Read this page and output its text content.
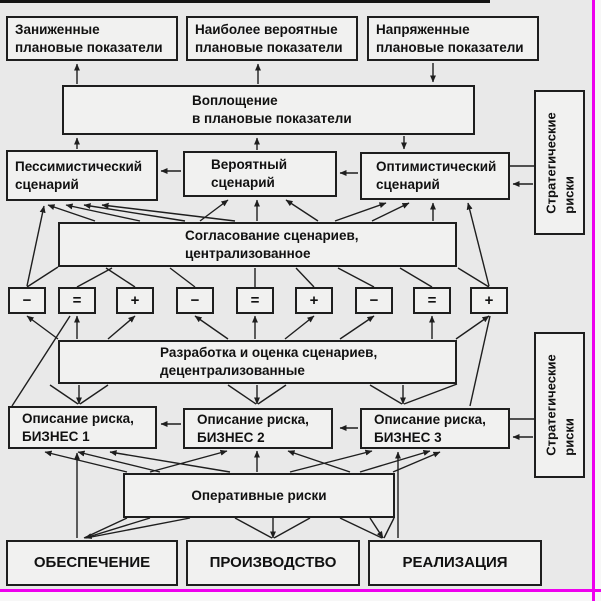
Заниженные
плановые показатели
Наиболее вероятные
плановые показатели
Напряженные
плановые показатели
Воплощение
в плановые показатели
Пессимистический
сценарий
Вероятный
сценарий
Оптимистический
сценарий	Стратегические риски
Согласование сценариев,
централизованное
−	=	+	−	=	+	−	=	+
Разработка и оценка сценариев,
децентрализованные
Описание риска,
БИЗНЕС 1
Описание риска,
БИЗНЕС 2
Описание риска,
БИЗНЕС 3	Стратегические риски
Оперативные риски
ОБЕСПЕЧЕНИЕ	ПРОИЗВОДСТВО	РЕАЛИЗАЦИЯ
